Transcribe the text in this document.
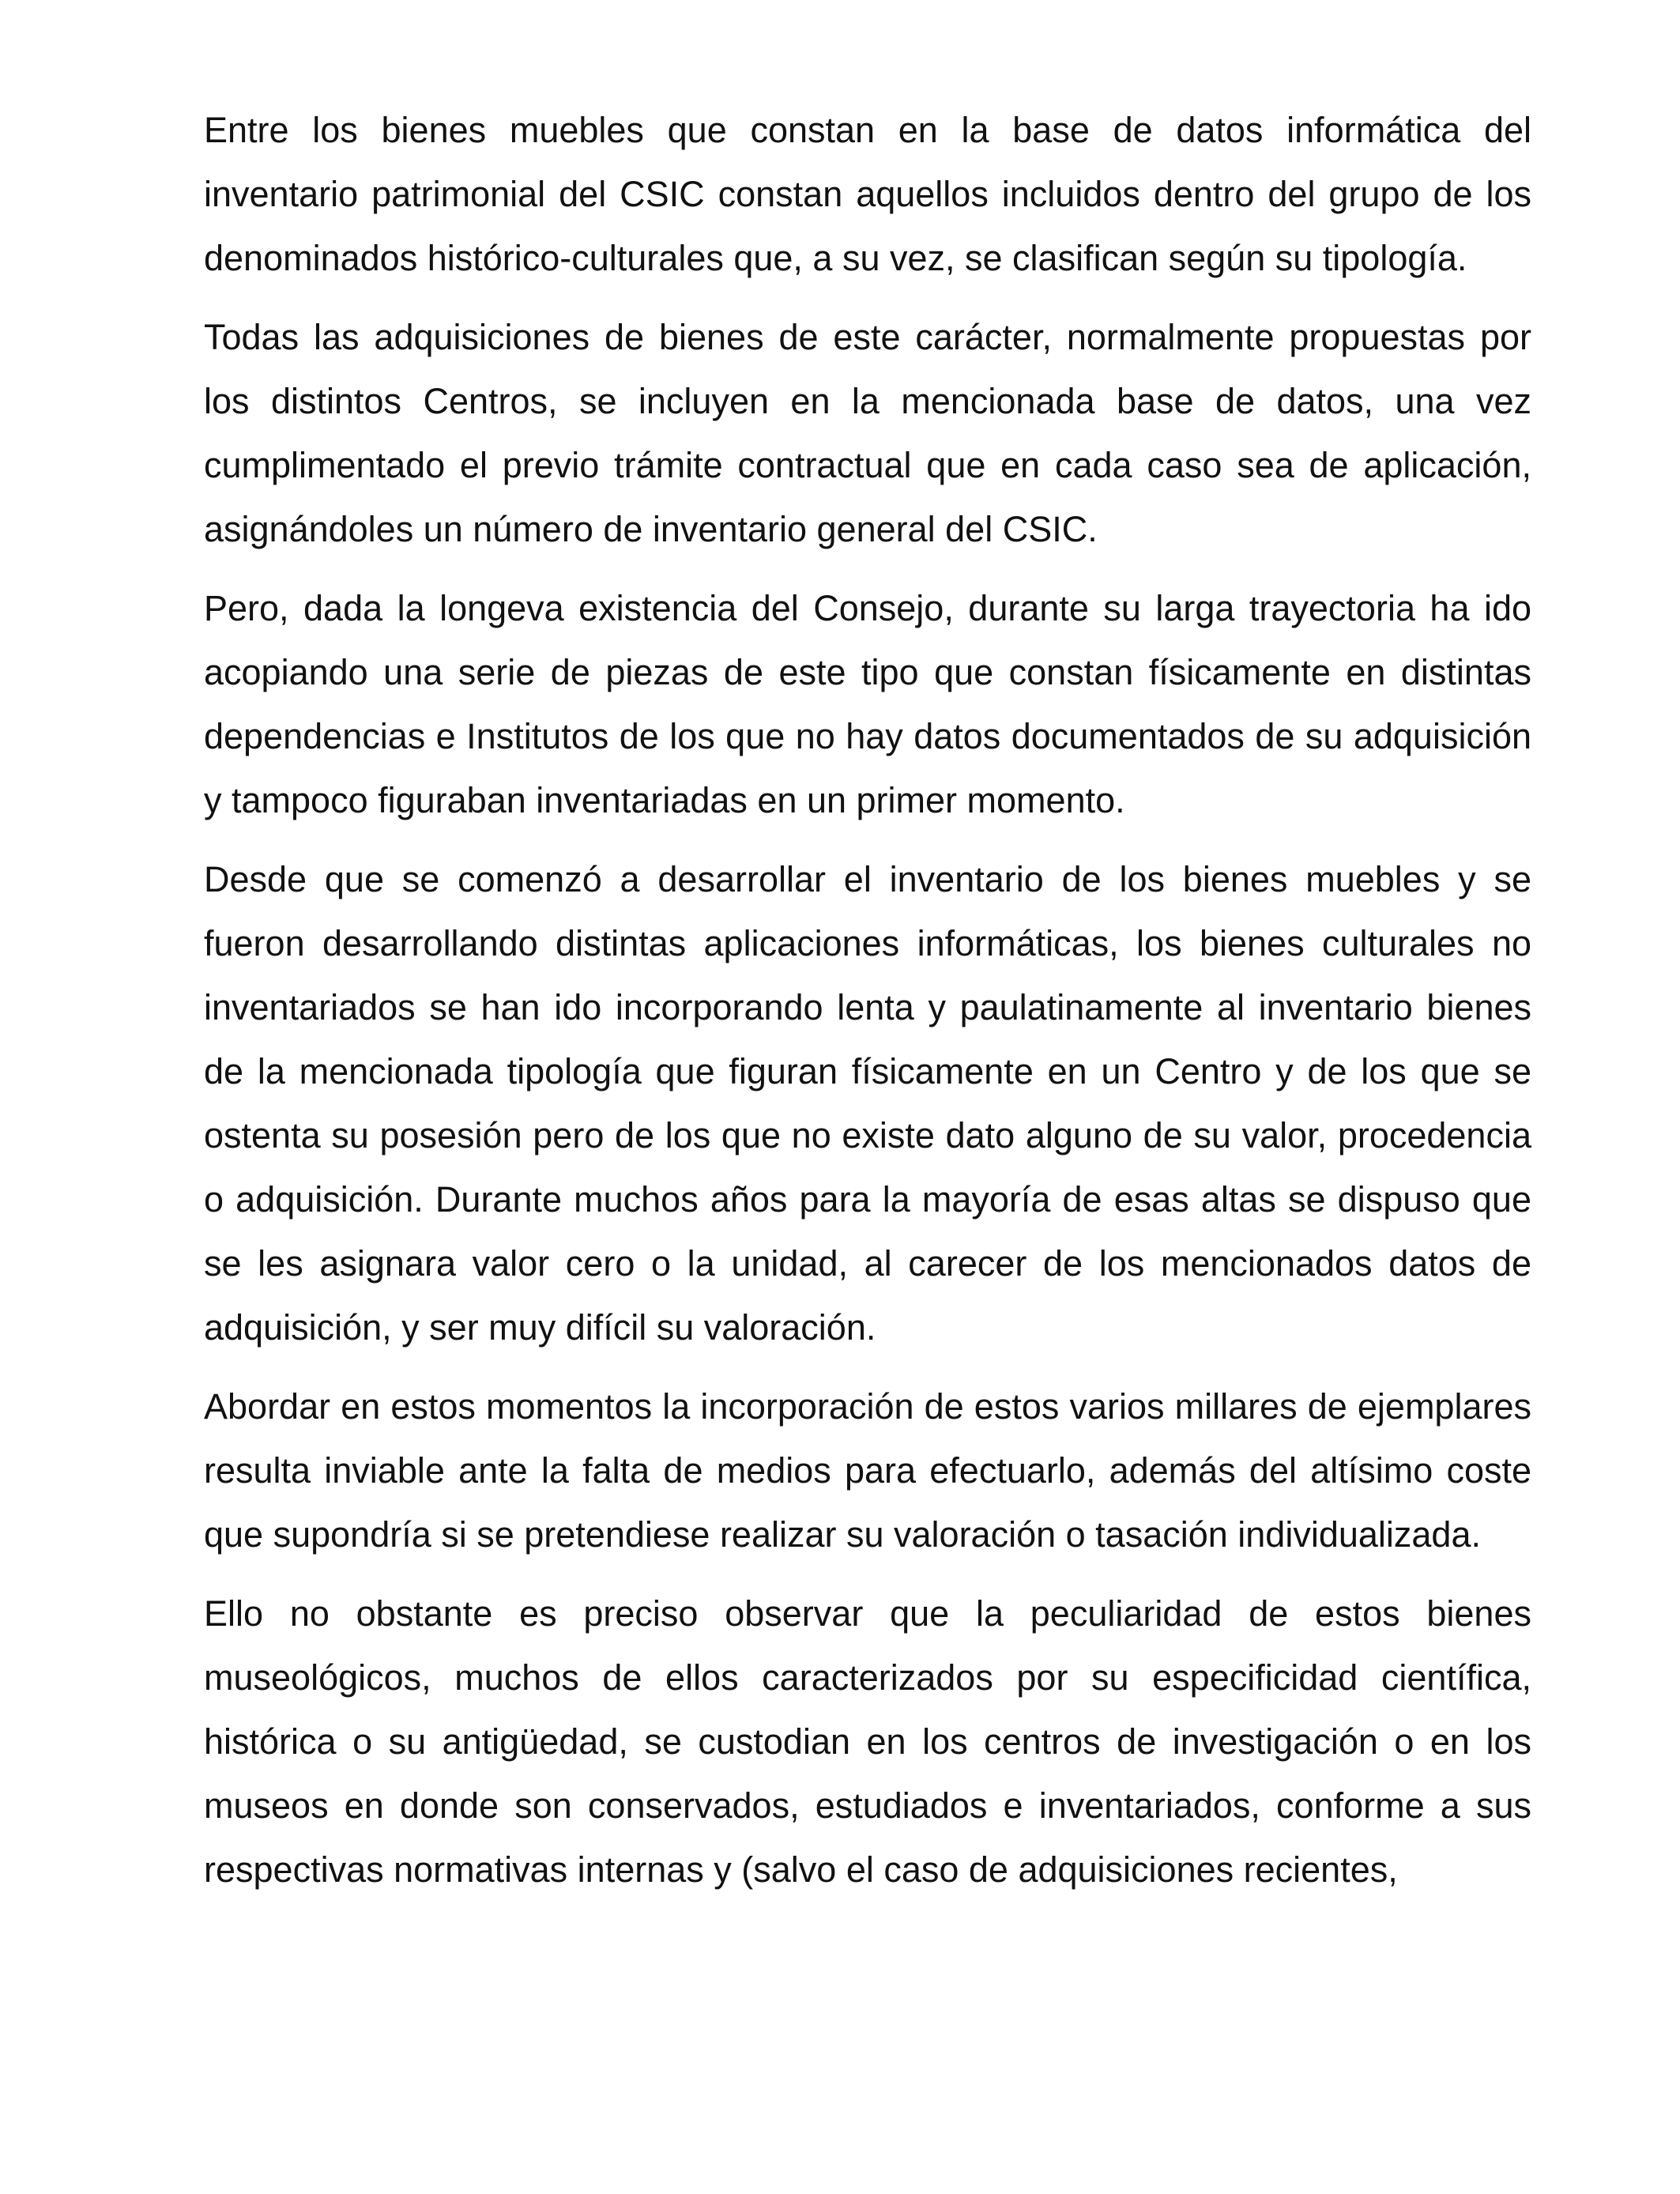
Entre los bienes muebles que constan en la base de datos informática del inventario patrimonial del CSIC constan aquellos incluidos dentro del grupo de los denominados histórico-culturales que, a su vez, se clasifican según su tipología.

Todas las adquisiciones de bienes de este carácter, normalmente propuestas por los distintos Centros, se incluyen en la mencionada base de datos, una vez cumplimentado el previo trámite contractual que en cada caso sea de aplicación, asignándoles un número de inventario general del CSIC.

Pero, dada la longeva existencia del Consejo, durante su larga trayectoria ha ido acopiando una serie de piezas de este tipo que constan físicamente en distintas dependencias e Institutos de los que no hay datos documentados de su adquisición y tampoco figuraban inventariadas en un primer momento.

Desde que se comenzó a desarrollar el inventario de los bienes muebles y se fueron desarrollando distintas aplicaciones informáticas, los bienes culturales no inventariados se han ido incorporando lenta y paulatinamente al inventario bienes de la mencionada tipología que figuran físicamente en un Centro y de los que se ostenta su posesión pero de los que no existe dato alguno de su valor, procedencia o adquisición. Durante muchos años para la mayoría de esas altas se dispuso que se les asignara valor cero o la unidad, al carecer de los mencionados datos de adquisición, y ser muy difícil su valoración.

Abordar en estos momentos la incorporación de estos varios millares de ejemplares resulta inviable ante la falta de medios para efectuarlo, además del altísimo coste que supondría si se pretendiese realizar su valoración o tasación individualizada.

Ello no obstante es preciso observar que la peculiaridad de estos bienes museológicos, muchos de ellos caracterizados por su especificidad científica, histórica o su antigüedad, se custodian en los centros de investigación o en los museos en donde son conservados, estudiados e inventariados, conforme a sus respectivas normativas internas y (salvo el caso de adquisiciones recientes,
